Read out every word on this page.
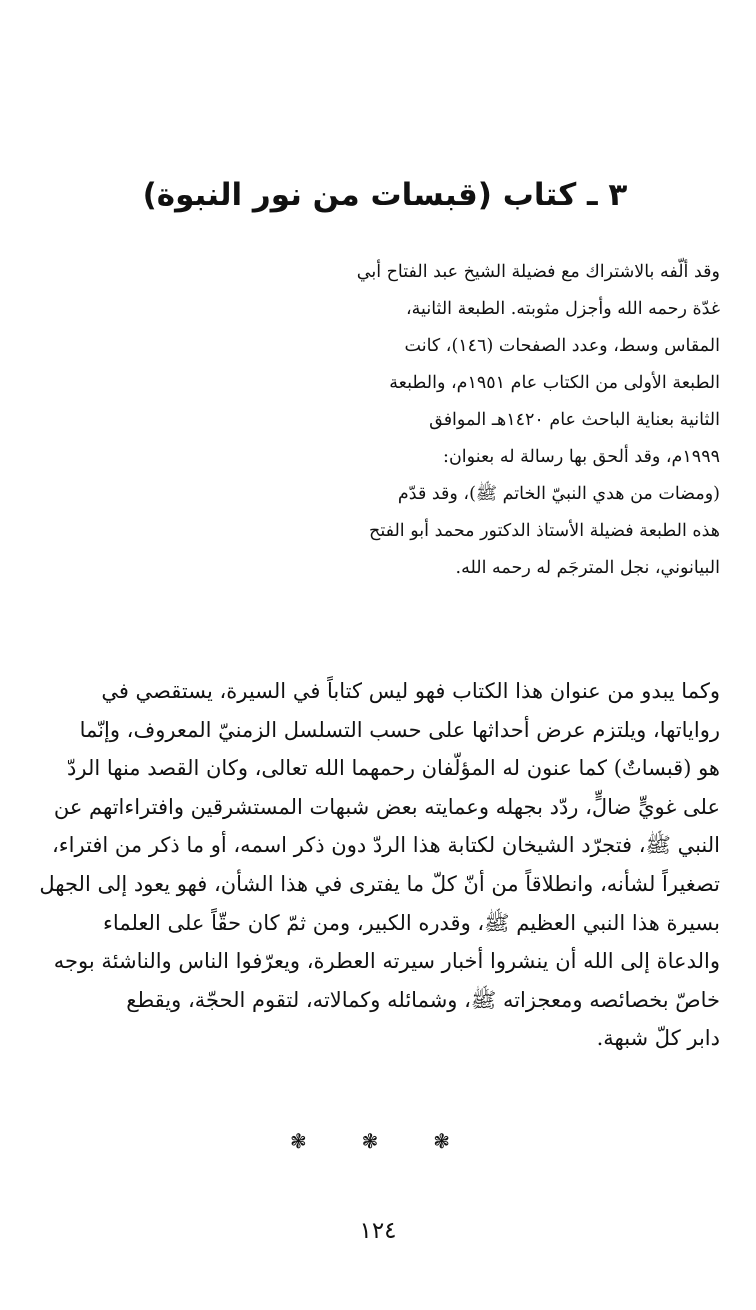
٣ ـ كتاب (قبسات من نور النبوة)

وقد ألّفه بالاشتراك مع فضيلة الشيخ عبد الفتاح أبي
غدّة رحمه الله وأجزل مثوبته. الطبعة الثانية،
المقاس وسط، وعدد الصفحات (١٤٦)، كانت
الطبعة الأولى من الكتاب عام ١٩٥١م، والطبعة
الثانية بعناية الباحث عام ١٤٢٠هـ الموافق
١٩٩٩م، وقد ألحق بها رسالة له بعنوان:
(ومضات من هدي النبيّ الخاتم ﷺ)، وقد قدّم
هذه الطبعة فضيلة الأستاذ الدكتور محمد أبو الفتح
البيانوني، نجل المترجَم له رحمه الله.

وكما يبدو من عنوان هذا الكتاب فهو ليس كتاباً في السيرة، يستقصي في
رواياتها، ويلتزم عرض أحداثها على حسب التسلسل الزمنيّ المعروف، وإنّما
هو (قبساتٌ) كما عنون له المؤلّفان رحمهما الله تعالى، وكان القصد منها الردّ
على غويٍّ ضالٍّ، ردّد بجهله وعمايته بعض شبهات المستشرقين وافتراءاتهم عن
النبي ﷺ، فتجرّد الشيخان لكتابة هذا الردّ دون ذكر اسمه، أو ما ذكر من افتراء،
تصغيراً لشأنه، وانطلاقاً من أنّ كلّ ما يفترى في هذا الشأن، فهو يعود إلى الجهل
بسيرة هذا النبي العظيم ﷺ، وقدره الكبير، ومن ثمّ كان حقّاً على العلماء
والدعاة إلى الله أن ينشروا أخبار سيرته العطرة، ويعرّفوا الناس والناشئة بوجه
خاصّ بخصائصه ومعجزاته ﷺ، وشمائله وكمالاته، لتقوم الحجّة، ويقطع
دابر كلّ شبهة.

❃
❃
❃
١٢٤
